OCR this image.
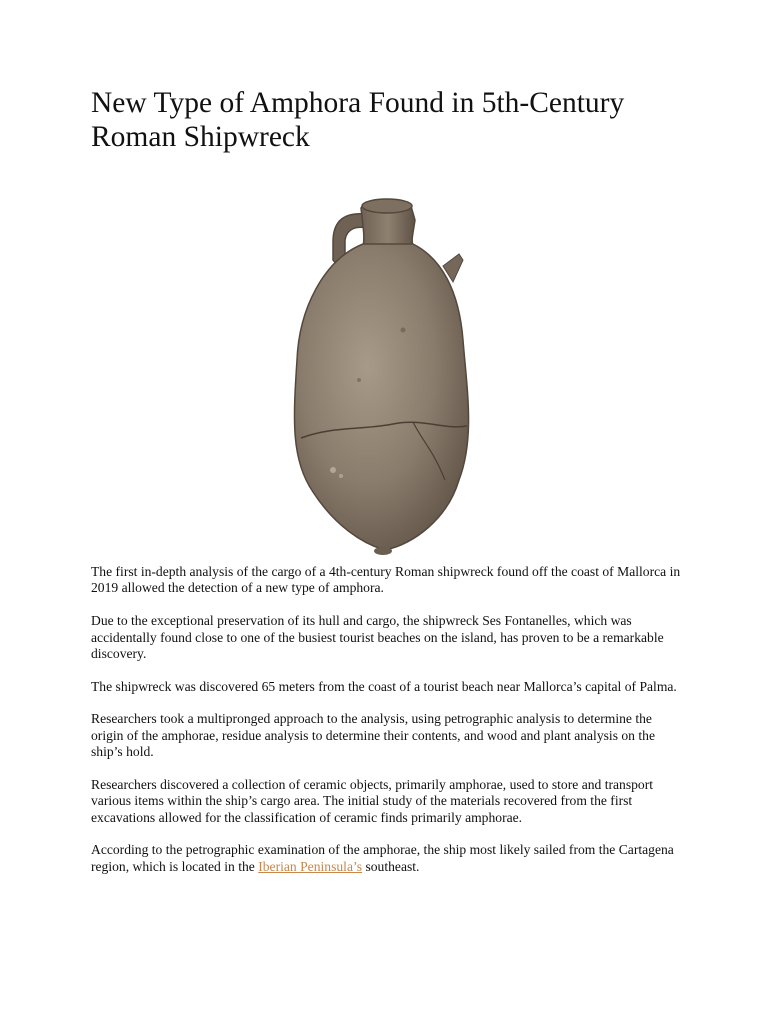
New Type of Amphora Found in 5th-Century
Roman Shipwreck

The first in-depth analysis of the cargo of a 4th-century Roman shipwreck found off the coast of Mallorca in 2019 allowed the detection of a new type of amphora.

Due to the exceptional preservation of its hull and cargo, the shipwreck Ses Fontanelles, which was accidentally found close to one of the busiest tourist beaches on the island, has proven to be a remarkable discovery.

The shipwreck was discovered 65 meters from the coast of a tourist beach near Mallorca’s capital of Palma.

Researchers took a multipronged approach to the analysis, using petrographic analysis to determine the origin of the amphorae, residue analysis to determine their contents, and wood and plant analysis on the ship’s hold.

Researchers discovered a collection of ceramic objects, primarily amphorae, used to store and transport various items within the ship’s cargo area. The initial study of the materials recovered from the first excavations allowed for the classification of ceramic finds primarily amphorae.

According to the petrographic examination of the amphorae, the ship most likely sailed from the Cartagena region, which is located in the Iberian Peninsula’s southeast.
